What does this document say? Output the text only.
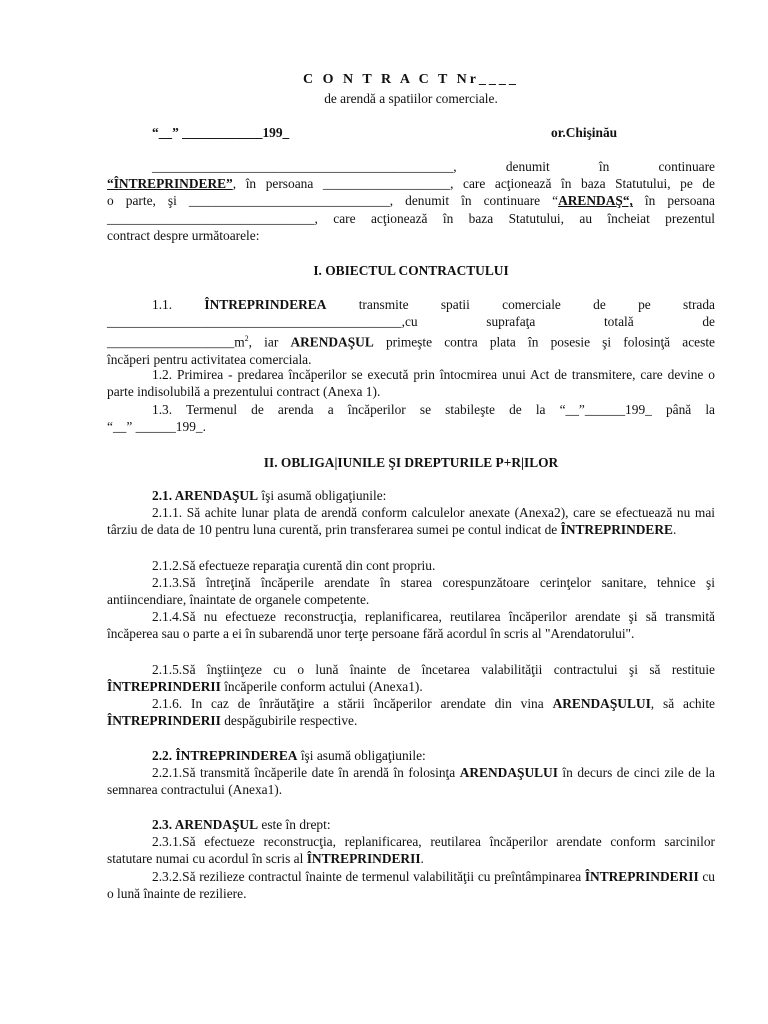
C O N T R A C T Nr____
de arendă a spatiilor comerciale.
“__” ____________199_	or.Chişinău

_____________________________________________,	denumit în continuare

“ÎNTREPRINDERE”, în persoana ___________________, care acţionează în baza Statutului, pe de

o parte, şi ______________________________, denumit în continuare “ARENDAŞ“, în persoana

_______________________________, care acţionează în baza Statutului, au încheiat prezentul

contract despre următoarele:

I. OBIECTUL CONTRACTULUI

1.1. ÎNTREPRINDEREA transmite spatii comerciale de pe strada

____________________________________________,cu suprafaţa totală de

$\_\_\_\_\_\_\_\_\_\_\_\_\_\_\_\_\_\_\_m^2$, iar ARENDAŞUL primeşte contra plata în posesie şi folosinţă aceste

încăperi pentru activitatea comerciala.

1.2. Primirea - predarea încăperilor se execută prin întocmirea unui Act de transmitere, care devine o parte indisolubilă a prezentului contract (Anexa 1).

1.3. Termenul de arenda a încăperilor se stabileşte de la “__”______199_ până la

“__” ______199_.

II. OBLIGA|IUNILE ŞI DREPTURILE P+R|ILOR

2.1. ARENDAŞUL îşi asumă obligaţiunile:

2.1.1. Să achite lunar plata de arendă conform calculelor anexate (Anexa2), care se efectuează nu mai târziu de data de 10 pentru luna curentă, prin transferarea sumei pe contul indicat de ÎNTREPRINDERE.

2.1.2.Să efectueze reparaţia curentă din cont propriu.

2.1.3.Să întreţină încăperile arendate în starea corespunzătoare cerinţelor sanitare, tehnice şi antiincendiare, înaintate de organele competente.

2.1.4.Să nu efectueze reconstrucţia, replanificarea, reutilarea încăperilor arendate şi să transmită încăperea sau o parte a ei în subarendă unor terţe persoane fără acordul în scris al "Arendatorului".

2.1.5.Să înştiinţeze cu o lună înainte de încetarea valabilităţii contractului şi să restituie ÎNTREPRINDERII încăperile conform actului (Anexa1).

2.1.6. In caz de înrăutăţire a stării încăperilor arendate din vina ARENDAŞULUI, să achite ÎNTREPRINDERII despăgubirile respective.

2.2. ÎNTREPRINDEREA îşi asumă obligaţiunile:

2.2.1.Să transmită încăperile date în arendă în folosinţa ARENDAŞULUI în decurs de cinci zile de la semnarea contractului (Anexa1).

2.3. ARENDAŞUL este în drept:

2.3.1.Să efectueze reconstrucţia, replanificarea, reutilarea încăperilor arendate conform sarcinilor statutare numai cu acordul în scris al ÎNTREPRINDERII.

2.3.2.Să rezilieze contractul înainte de termenul valabilităţii cu preîntâmpinarea ÎNTREPRINDERII cu o lună înainte de reziliere.
